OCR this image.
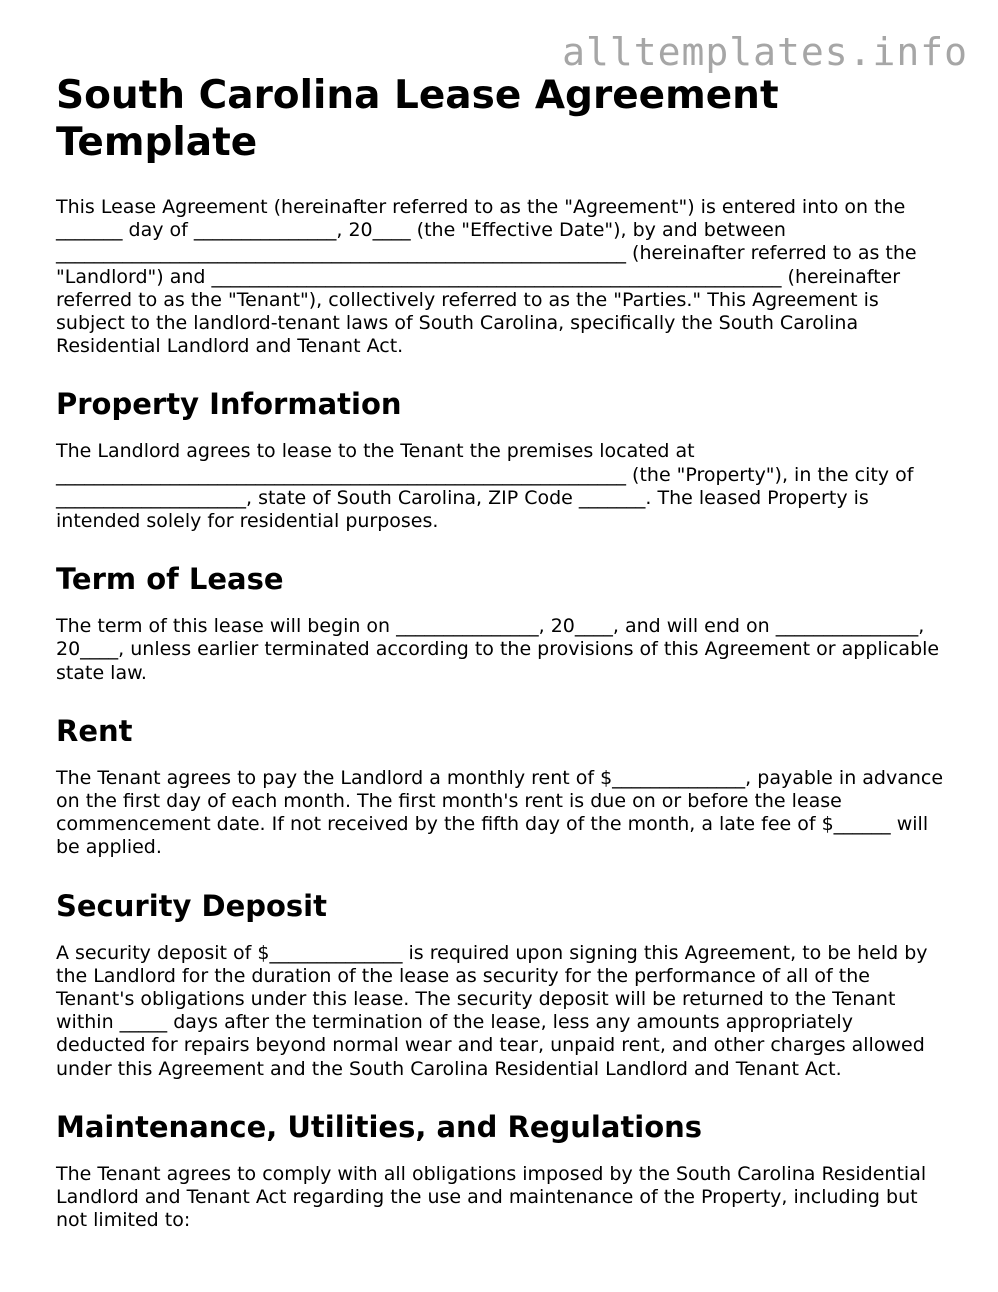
alltemplates.info
South Carolina Lease Agreement Template

This Lease Agreement (hereinafter referred to as the "Agreement") is entered into on the _______ day of _______________, 20____ (the "Effective Date"), by and between ____________________________________________________________ (hereinafter referred to as the "Landlord") and ____________________________________________________________ (hereinafter referred to as the "Tenant"), collectively referred to as the "Parties." This Agreement is subject to the landlord-tenant laws of South Carolina, specifically the South Carolina Residential Landlord and Tenant Act.

Property Information

The Landlord agrees to lease to the Tenant the premises located at ____________________________________________________________ (the "Property"), in the city of ____________________, state of South Carolina, ZIP Code _______. The leased Property is intended solely for residential purposes.

Term of Lease

The term of this lease will begin on _______________, 20____, and will end on _______________, 20____, unless earlier terminated according to the provisions of this Agreement or applicable state law.

Rent

The Tenant agrees to pay the Landlord a monthly rent of $______________, payable in advance on the first day of each month. The first month's rent is due on or before the lease commencement date. If not received by the fifth day of the month, a late fee of $______ will be applied.

Security Deposit

A security deposit of $______________ is required upon signing this Agreement, to be held by the Landlord for the duration of the lease as security for the performance of all of the Tenant's obligations under this lease. The security deposit will be returned to the Tenant within _____ days after the termination of the lease, less any amounts appropriately deducted for repairs beyond normal wear and tear, unpaid rent, and other charges allowed under this Agreement and the South Carolina Residential Landlord and Tenant Act.

Maintenance, Utilities, and Regulations

The Tenant agrees to comply with all obligations imposed by the South Carolina Residential Landlord and Tenant Act regarding the use and maintenance of the Property, including but not limited to:
